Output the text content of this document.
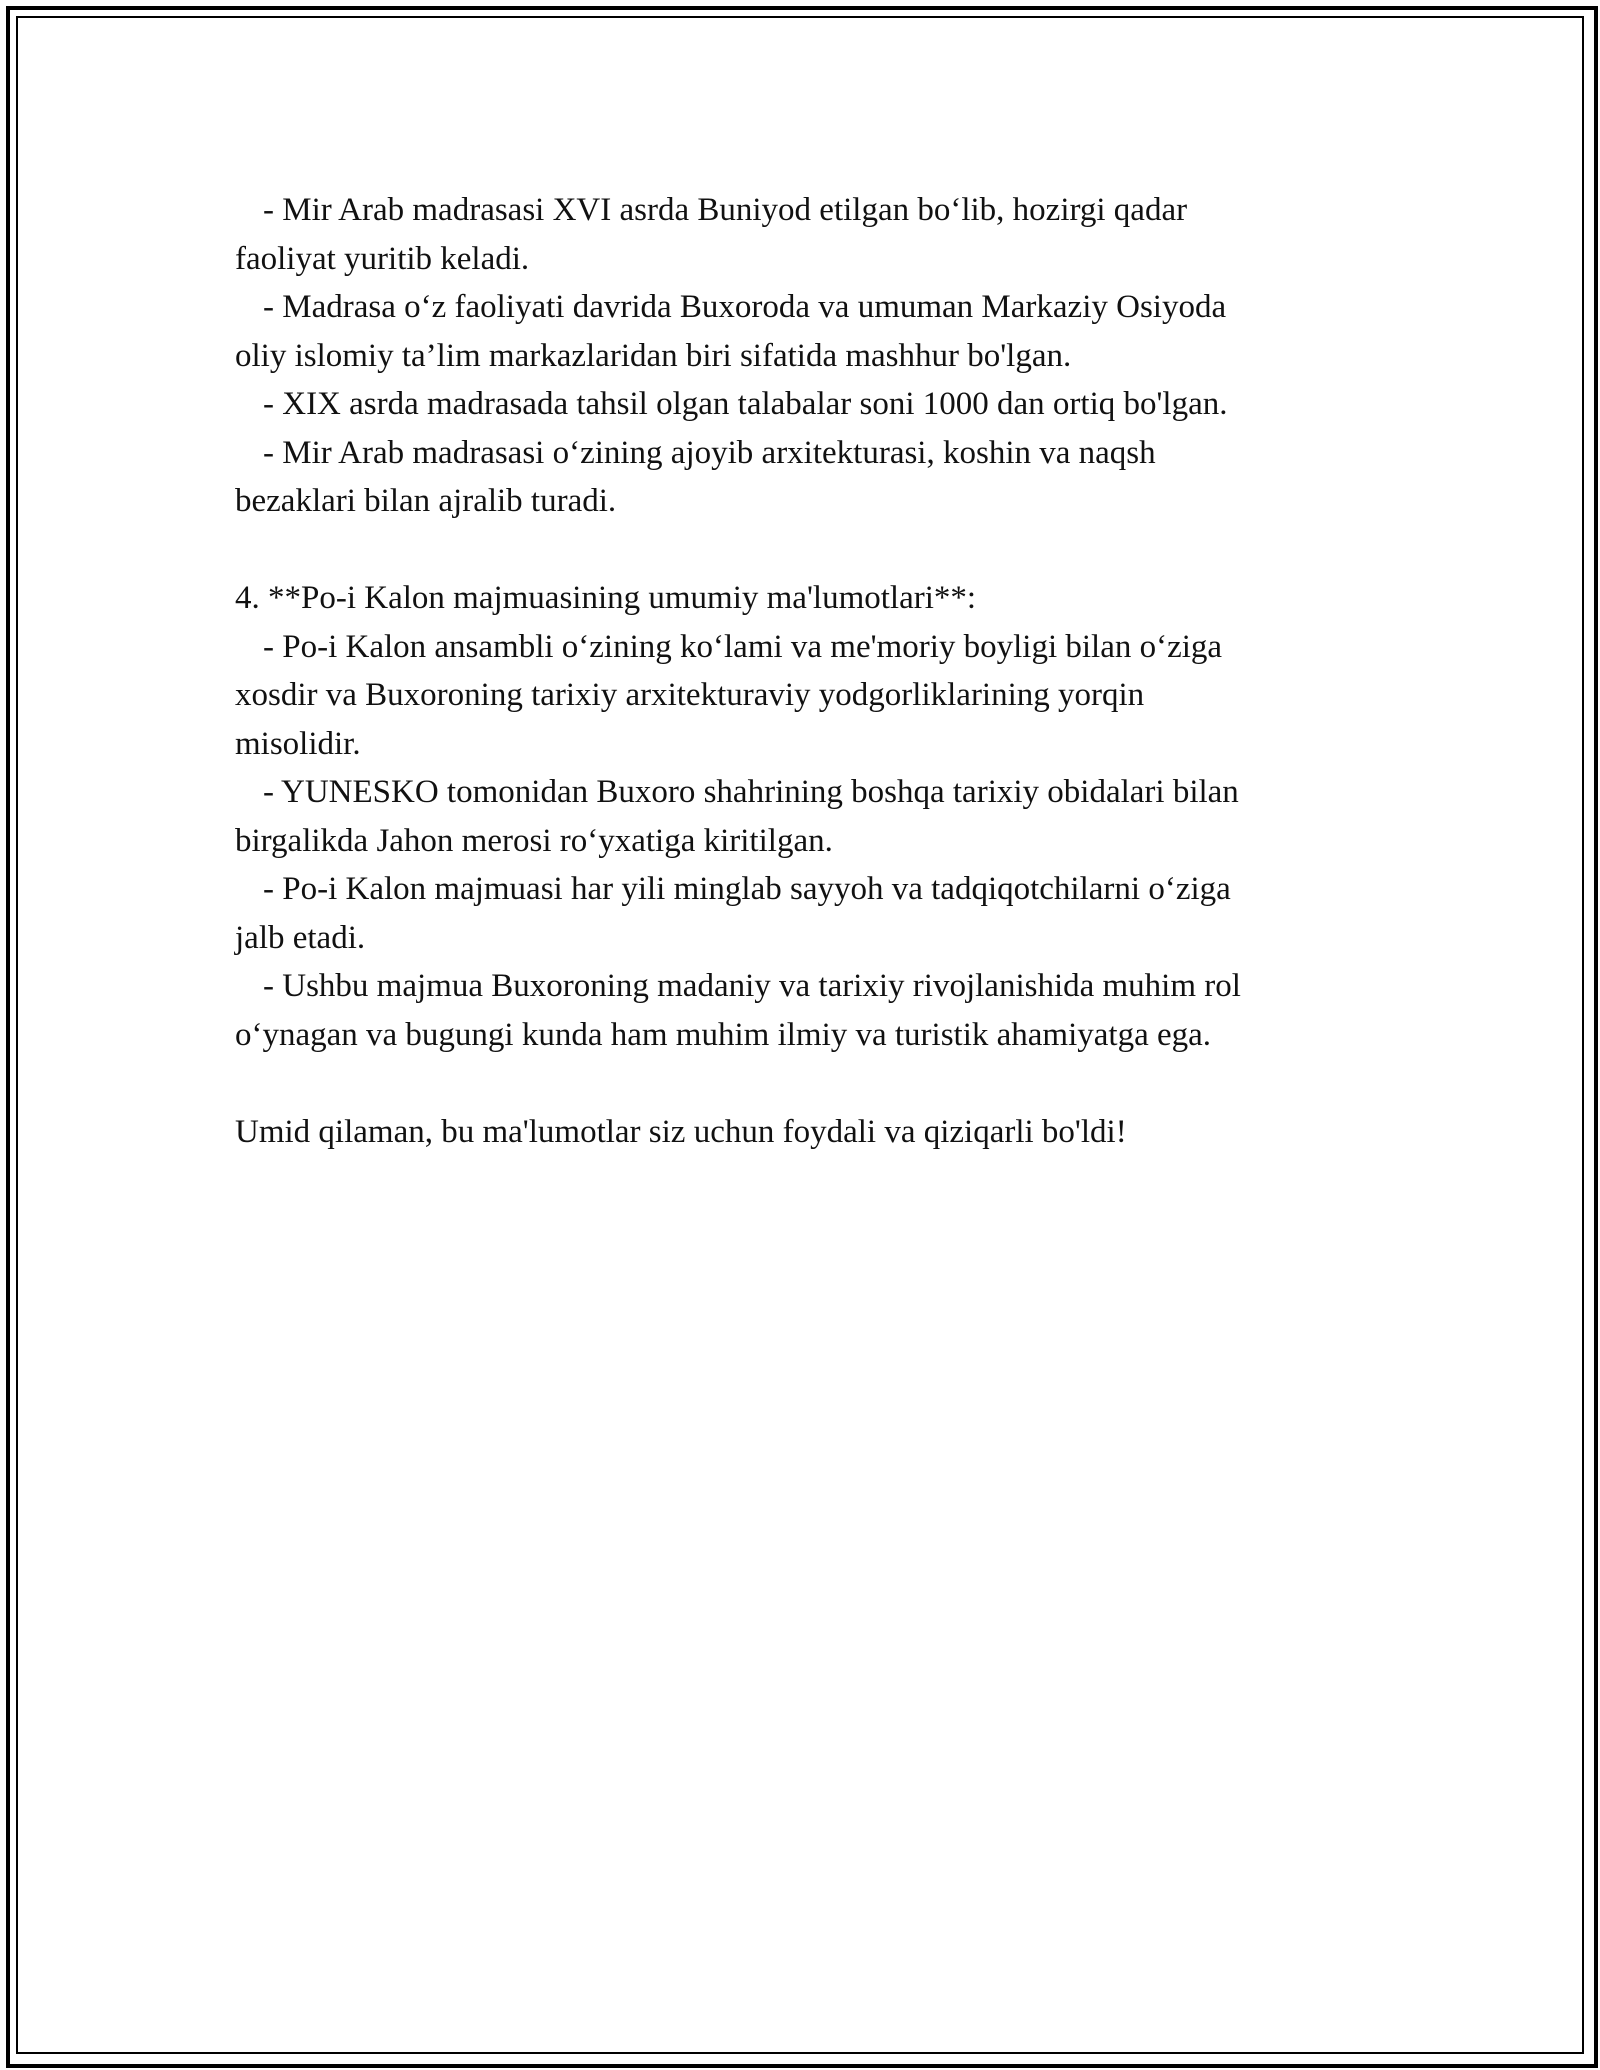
- Mir Arab madrasasi XVI asrda Buniyod etilgan bo‘lib, hozirgi qadar

faoliyat yuritib keladi.

- Madrasa o‘z faoliyati davrida Buxoroda va umuman Markaziy Osiyoda

oliy islomiy ta’lim markazlaridan biri sifatida mashhur bo'lgan.

- XIX asrda madrasada tahsil olgan talabalar soni 1000 dan ortiq bo'lgan.

- Mir Arab madrasasi o‘zining ajoyib arxitekturasi, koshin va naqsh

bezaklari bilan ajralib turadi.

4. **Po-i Kalon majmuasining umumiy ma'lumotlari**:

- Po-i Kalon ansambli o‘zining ko‘lami va me'moriy boyligi bilan o‘ziga

xosdir va Buxoroning tarixiy arxitekturaviy yodgorliklarining yorqin

misolidir.

- YUNESKO tomonidan Buxoro shahrining boshqa tarixiy obidalari bilan

birgalikda Jahon merosi ro‘yxatiga kiritilgan.

- Po-i Kalon majmuasi har yili minglab sayyoh va tadqiqotchilarni o‘ziga

jalb etadi.

- Ushbu majmua Buxoroning madaniy va tarixiy rivojlanishida muhim rol

o‘ynagan va bugungi kunda ham muhim ilmiy va turistik ahamiyatga ega.

Umid qilaman, bu ma'lumotlar siz uchun foydali va qiziqarli bo'ldi!
